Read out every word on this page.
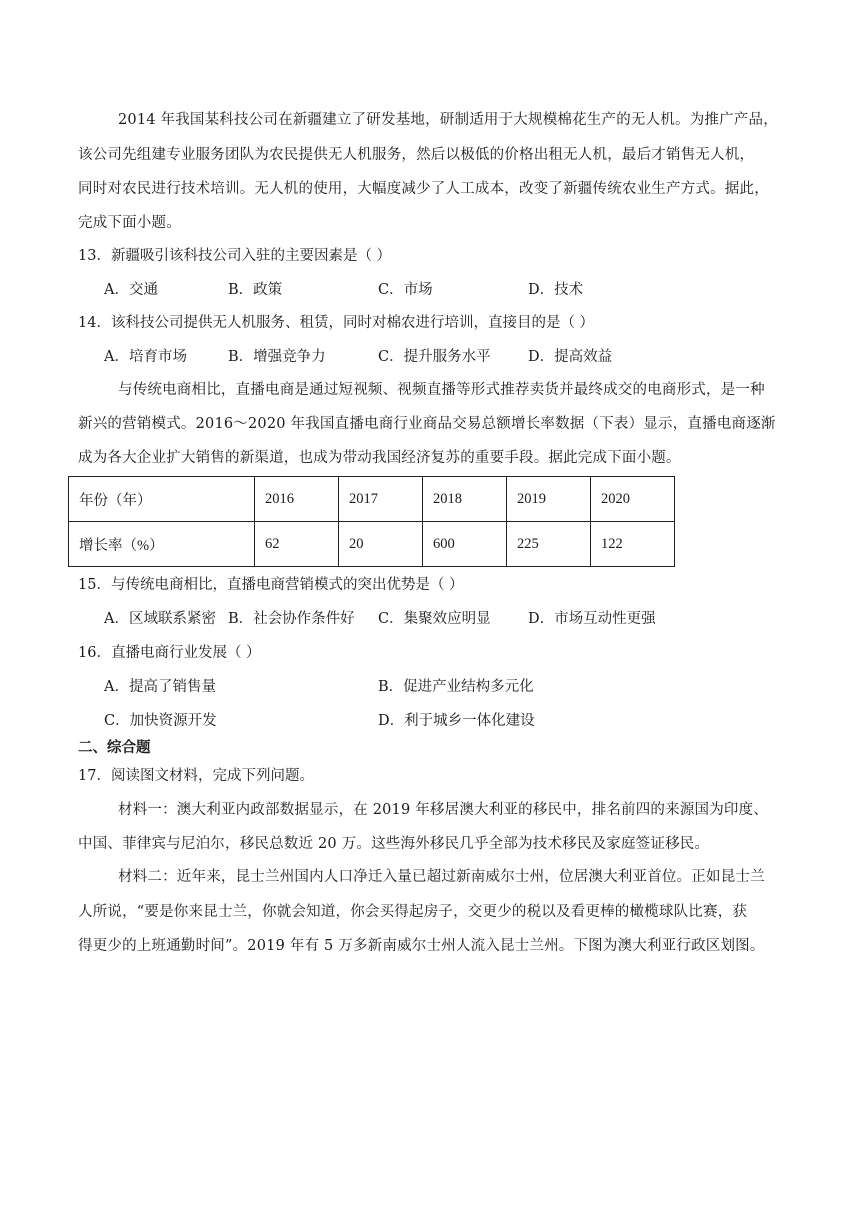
2014 年我国某科技公司在新疆建立了研发基地，研制适用于大规模棉花生产的无人机。为推广产品，
该公司先组建专业服务团队为农民提供无人机服务，然后以极低的价格出租无人机，最后才销售无人机，
同时对农民进行技术培训。无人机的使用，大幅度减少了人工成本，改变了新疆传统农业生产方式。据此，
完成下面小题。
13．新疆吸引该科技公司入驻的主要因素是（ ）
A．交通	B．政策	C．市场	D．技术
14．该科技公司提供无人机服务、租赁，同时对棉农进行培训，直接目的是（ ）
A．培育市场	B．增强竞争力	C．提升服务水平	D．提高效益
与传统电商相比，直播电商是通过短视频、视频直播等形式推荐卖货并最终成交的电商形式，是一种
新兴的营销模式。2016～2020 年我国直播电商行业商品交易总额增长率数据（下表）显示，直播电商逐渐
成为各大企业扩大销售的新渠道，也成为带动我国经济复苏的重要手段。据此完成下面小题。
年份（年）	2016	2017	2018	2019	2020
增长率（%）	62	20	600	225	122
15．与传统电商相比，直播电商营销模式的突出优势是（ ）
A．区域联系紧密 B．社会协作条件好 C．集聚效应明显	D．市场互动性更强
16．直播电商行业发展（ ）
A．提高了销售量	B．促进产业结构多元化
C．加快资源开发	D．利于城乡一体化建设
二、综合题
17．阅读图文材料，完成下列问题。
材料一：澳大利亚内政部数据显示，在 2019 年移居澳大利亚的移民中，排名前四的来源国为印度、
中国、菲律宾与尼泊尔，移民总数近 20 万。这些海外移民几乎全部为技术移民及家庭签证移民。
材料二：近年来，昆士兰州国内人口净迁入量已超过新南威尔士州，位居澳大利亚首位。正如昆士兰
人所说，“要是你来昆士兰，你就会知道，你会买得起房子，交更少的税以及看更棒的橄榄球队比赛，获
得更少的上班通勤时间”。2019 年有 5 万多新南威尔士州人流入昆士兰州。下图为澳大利亚行政区划图。
